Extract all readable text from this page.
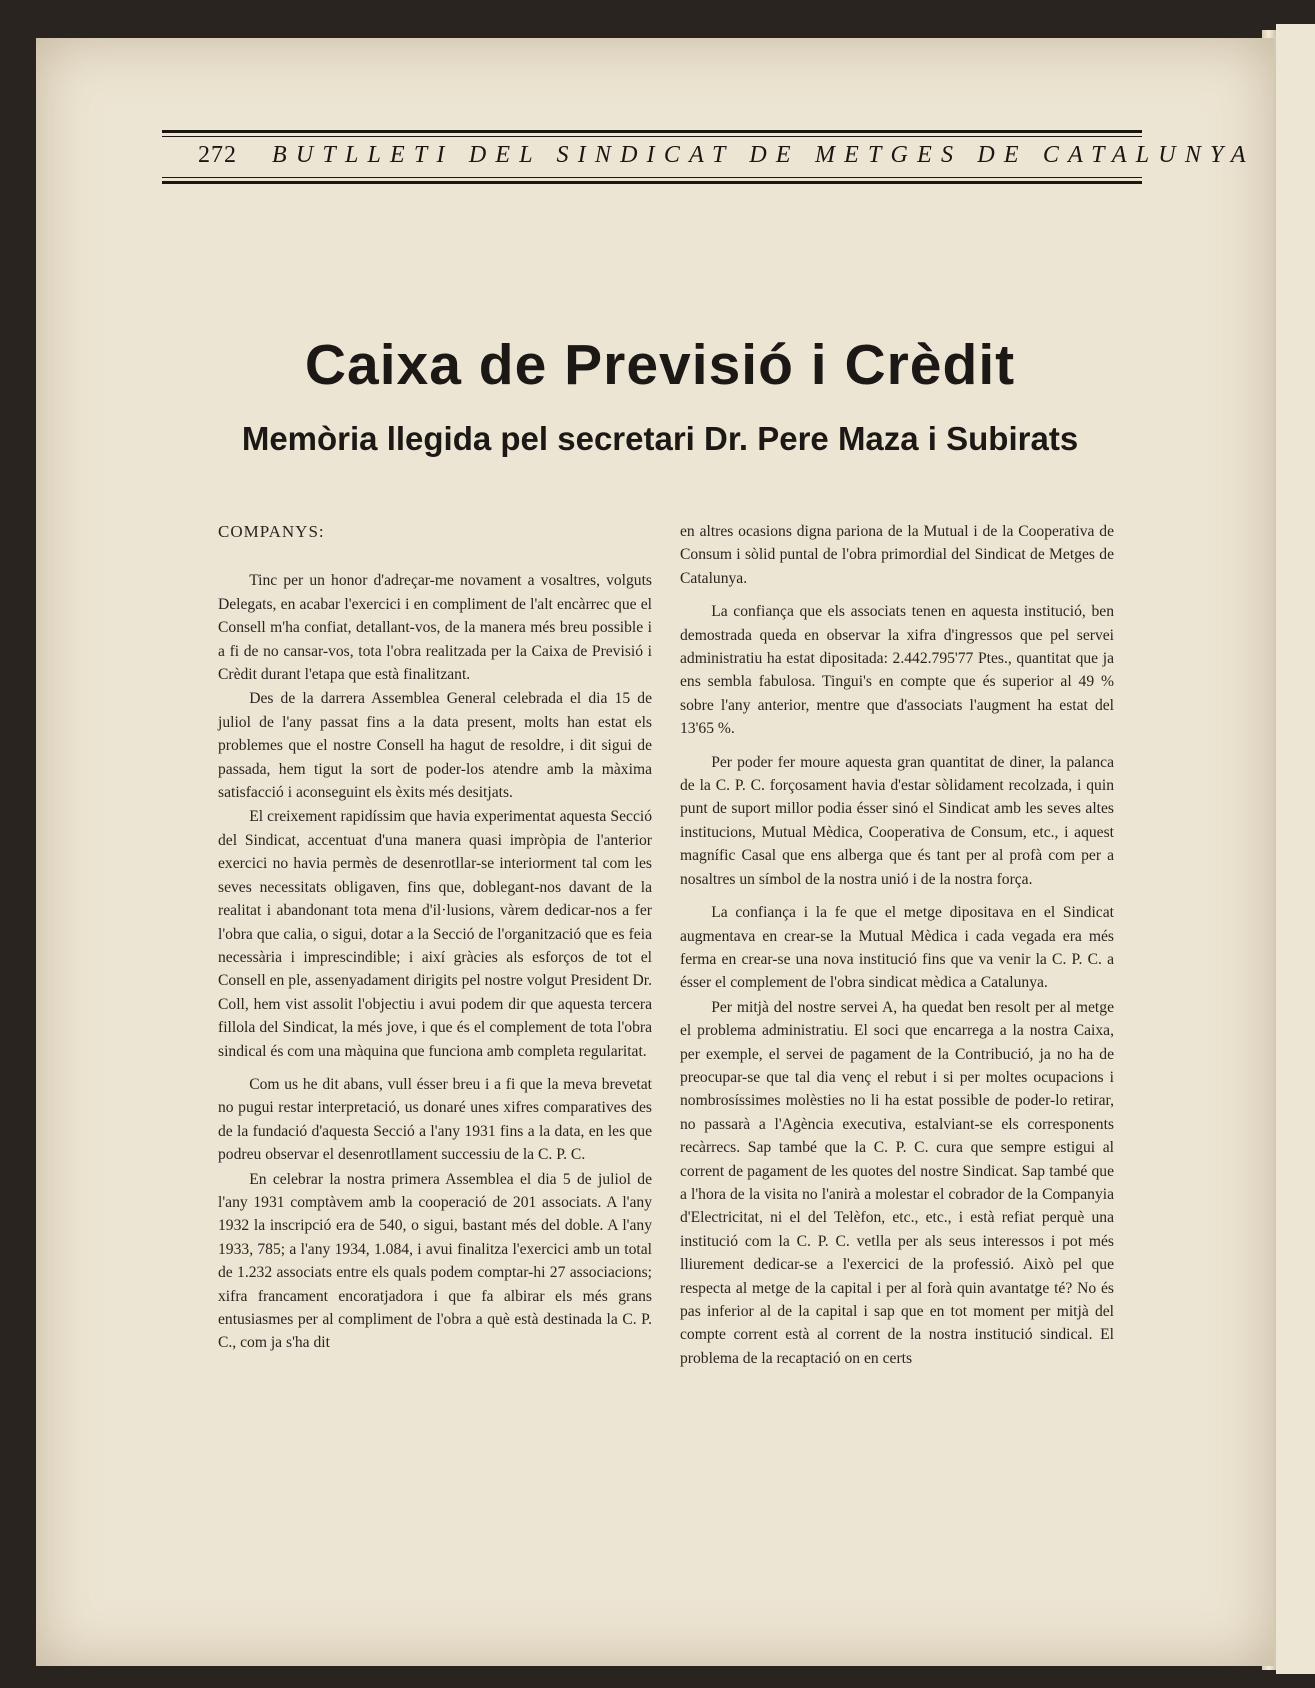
272 BUTLLETI DEL SINDICAT DE METGES DE CATALUNYA
Caixa de Previsió i Crèdit
Memòria llegida pel secretari Dr. Pere Maza i Subirats

COMPANYS:

Tinc per un honor d'adreçar-me novament a vosaltres, volguts Delegats, en acabar l'exercici i en compliment de l'alt encàrrec que el Consell m'ha confiat, detallant-vos, de la manera més breu possible i a fi de no cansar-vos, tota l'obra realitzada per la Caixa de Previsió i Crèdit durant l'etapa que està finalitzant.

Des de la darrera Assemblea General celebrada el dia 15 de juliol de l'any passat fins a la data present, molts han estat els problemes que el nostre Consell ha hagut de resoldre, i dit sigui de passada, hem tigut la sort de poder-los atendre amb la màxima satisfacció i aconseguint els èxits més desitjats.

El creixement rapidíssim que havia experimentat aquesta Secció del Sindicat, accentuat d'una manera quasi impròpia de l'anterior exercici no havia permès de desenrotllar-se interiorment tal com les seves necessitats obligaven, fins que, doblegant-nos davant de la realitat i abandonant tota mena d'il·lusions, vàrem dedicar-nos a fer l'obra que calia, o sigui, dotar a la Secció de l'organització que es feia necessària i imprescindible; i així gràcies als esforços de tot el Consell en ple, assenyadament dirigits pel nostre volgut President Dr. Coll, hem vist assolit l'objectiu i avui podem dir que aquesta tercera fillola del Sindicat, la més jove, i que és el complement de tota l'obra sindical és com una màquina que funciona amb completa regularitat.

Com us he dit abans, vull ésser breu i a fi que la meva brevetat no pugui restar interpretació, us donaré unes xifres comparatives des de la fundació d'aquesta Secció a l'any 1931 fins a la data, en les que podreu observar el desenrotllament successiu de la C. P. C.

En celebrar la nostra primera Assemblea el dia 5 de juliol de l'any 1931 comptàvem amb la cooperació de 201 associats. A l'any 1932 la inscripció era de 540, o sigui, bastant més del doble. A l'any 1933, 785; a l'any 1934, 1.084, i avui finalitza l'exercici amb un total de 1.232 associats entre els quals podem comptar-hi 27 associacions; xifra francament encoratjadora i que fa albirar els més grans entusiasmes per al compliment de l'obra a què està destinada la C. P. C., com ja s'ha dit

en altres ocasions digna pariona de la Mutual i de la Cooperativa de Consum i sòlid puntal de l'obra primordial del Sindicat de Metges de Catalunya.

La confiança que els associats tenen en aquesta institució, ben demostrada queda en observar la xifra d'ingressos que pel servei administratiu ha estat dipositada: 2.442.795'77 Ptes., quantitat que ja ens sembla fabulosa. Tingui's en compte que és superior al 49 % sobre l'any anterior, mentre que d'associats l'augment ha estat del 13'65 %.

Per poder fer moure aquesta gran quantitat de diner, la palanca de la C. P. C. forçosament havia d'estar sòlidament recolzada, i quin punt de suport millor podia ésser sinó el Sindicat amb les seves altes institucions, Mutual Mèdica, Cooperativa de Consum, etc., i aquest magnífic Casal que ens alberga que és tant per al profà com per a nosaltres un símbol de la nostra unió i de la nostra força.

La confiança i la fe que el metge dipositava en el Sindicat augmentava en crear-se la Mutual Mèdica i cada vegada era més ferma en crear-se una nova institució fins que va venir la C. P. C. a ésser el complement de l'obra sindicat mèdica a Catalunya.

Per mitjà del nostre servei A, ha quedat ben resolt per al metge el problema administratiu. El soci que encarrega a la nostra Caixa, per exemple, el servei de pagament de la Contribució, ja no ha de preocupar-se que tal dia venç el rebut i si per moltes ocupacions i nombrosíssimes molèsties no li ha estat possible de poder-lo retirar, no passarà a l'Agència executiva, estalviant-se els corresponents recàrrecs. Sap també que la C. P. C. cura que sempre estigui al corrent de pagament de les quotes del nostre Sindicat. Sap també que a l'hora de la visita no l'anirà a molestar el cobrador de la Companyia d'Electricitat, ni el del Telèfon, etc., etc., i està refiat perquè una institució com la C. P. C. vetlla per als seus interessos i pot més lliurement dedicar-se a l'exercici de la professió. Això pel que respecta al metge de la capital i per al forà quin avantatge té? No és pas inferior al de la capital i sap que en tot moment per mitjà del compte corrent està al corrent de la nostra institució sindical. El problema de la recaptació on en certs
